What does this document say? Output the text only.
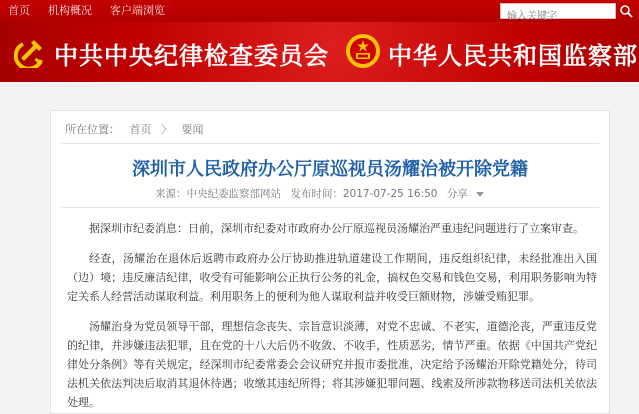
首页 机构概况 客户端浏览
输入关键字
中共中央纪律检查委员会 中华人民共和国监察部
所在位置： 首页 〉 要闻
深圳市人民政府办公厅原巡视员汤耀治被开除党籍
来源：中央纪委监察部网站 发布时间：2017-07-25 16:50 分享

据深圳市纪委消息：日前，深圳市纪委对市政府办公厅原巡视员汤耀治严重违纪问题进行了立案审查。

经查，汤耀治在退休后返聘市政府办公厅协助推进轨道建设工作期间，违反组织纪律，未经批准出入国（边）境；违反廉洁纪律，收受有可能影响公正执行公务的礼金，搞权色交易和钱色交易，利用职务影响为特定关系人经营活动谋取利益。利用职务上的便利为他人谋取利益并收受巨额财物，涉嫌受贿犯罪。

汤耀治身为党员领导干部，理想信念丧失、宗旨意识淡薄，对党不忠诚、不老实，道德沦丧，严重违反党的纪律，并涉嫌违法犯罪，且在党的十八大后仍不收敛、不收手，性质恶劣，情节严重。依据《中国共产党纪律处分条例》等有关规定，经深圳市纪委常委会会议研究并报市委批准，决定给予汤耀治开除党籍处分，待司法机关依法判决后取消其退休待遇；收缴其违纪所得；将其涉嫌犯罪问题、线索及所涉款物移送司法机关依法处理。
